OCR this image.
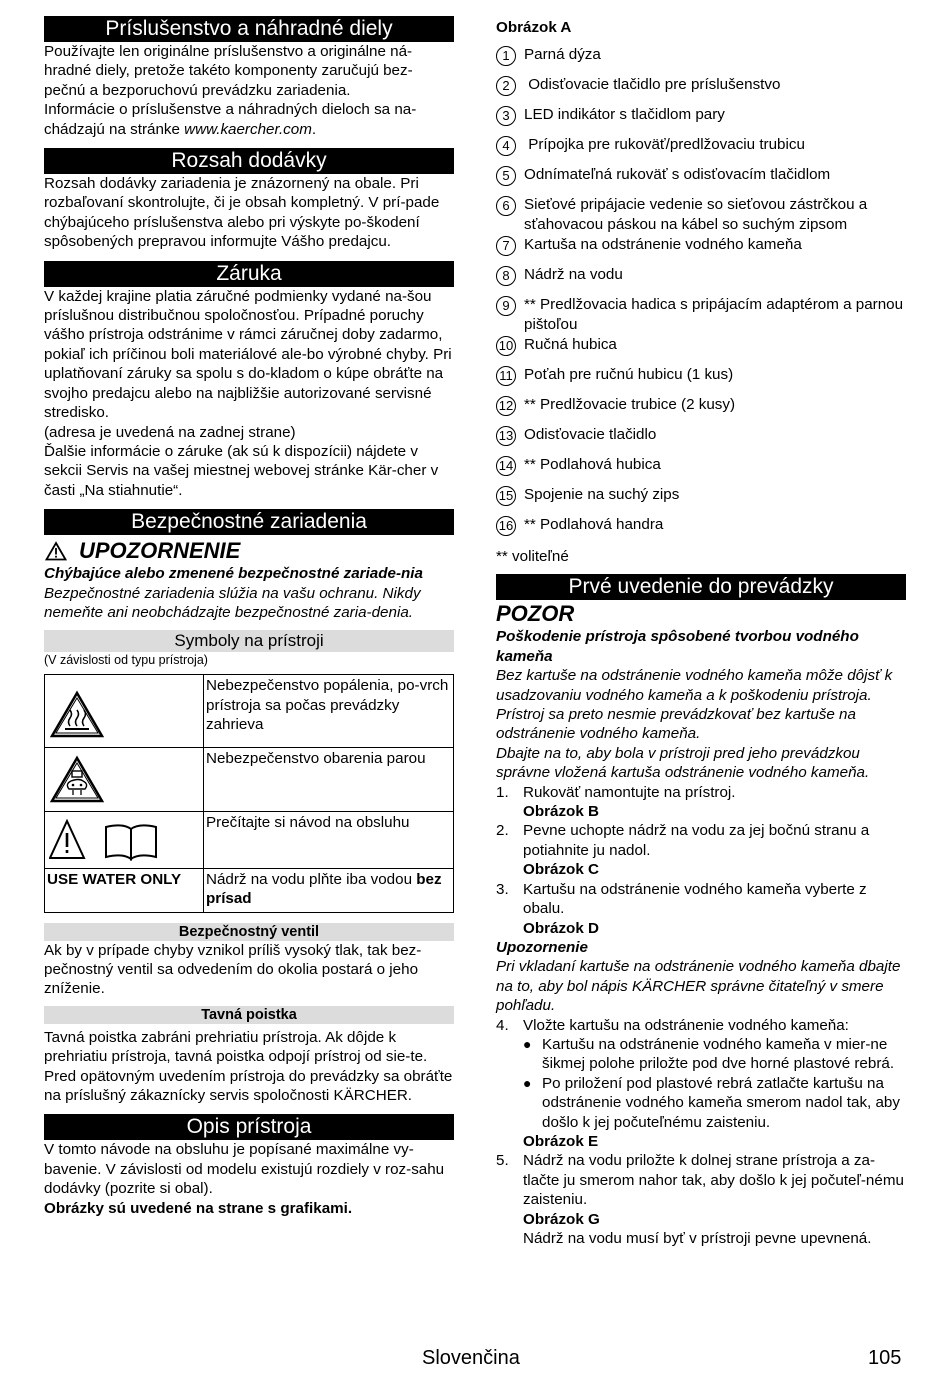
Príslušenstvo a náhradné diely

Používajte len originálne príslušenstvo a originálne ná-hradné diely, pretože takéto komponenty zaručujú bez-pečnú a bezporuchovú prevádzku zariadenia.
Informácie o príslušenstve a náhradných dieloch sa na-chádzajú na stránke www.kaercher.com.

Rozsah dodávky

Rozsah dodávky zariadenia je znázornený na obale. Pri rozbaľovaní skontrolujte, či je obsah kompletný. V prí-pade chýbajúceho príslušenstva alebo pri výskyte po-škodení spôsobených prepravou informujte Vášho predajcu.

Záruka

V každej krajine platia záručné podmienky vydané na-šou príslušnou distribučnou spoločnosťou. Prípadné poruchy vášho prístroja odstránime v rámci záručnej doby zadarmo, pokiaľ ich príčinou boli materiálové ale-bo výrobné chyby. Pri uplatňovaní záruky sa spolu s do-kladom o kúpe obráťte na svojho predajcu alebo na najbližšie autorizované servisné stredisko.

(adresa je uvedená na zadnej strane)

Ďalšie informácie o záruke (ak sú k dispozícii) nájdete v sekcii Servis na vašej miestnej webovej stránke Kär-cher v časti „Na stiahnutie“.

Bezpečnostné zariadenia
UPOZORNENIE

Chýbajúce alebo zmenené bezpečnostné zariade-nia

Bezpečnostné zariadenia slúžia na vašu ochranu. Nikdy nemeňte ani neobchádzajte bezpečnostné zaria-denia.

Symboly na prístroji

(V závislosti od typu prístroja)

	Nebezpečenstvo popálenia, po-vrch prístroja sa počas prevádzky zahrieva
	Nebezpečenstvo obarenia parou
	Prečítajte si návod na obsluhu
USE WATER ONLY	Nádrž na vodu plňte iba vodou bez prísad
Bezpečnostný ventil

Ak by v prípade chyby vznikol príliš vysoký tlak, tak bez-pečnostný ventil sa odvedením do okolia postará o jeho zníženie.

Tavná poistka

Tavná poistka zabráni prehriatiu prístroja. Ak dôjde k prehriatiu prístroja, tavná poistka odpojí prístroj od sie-te.

Pred opätovným uvedením prístroja do prevádzky sa obráťte na príslušný zákaznícky servis spoločnosti KÄRCHER.

Opis prístroja

V tomto návode na obsluhu je popísané maximálne vy-bavenie. V závislosti od modelu existujú rozdiely v roz-sahu dodávky (pozrite si obal).

Obrázky sú uvedené na strane s grafikami.

Obrázok A

1 Parná dýza
2 Odisťovacie tlačidlo pre príslušenstvo
3 LED indikátor s tlačidlom pary
4 Prípojka pre rukoväť/predlžovaciu trubicu
5 Odnímateľná rukoväť s odisťovacím tlačidlom
6 Sieťové pripájacie vedenie so sieťovou zástrčkou a sťahovacou páskou na kábel so suchým zipsom
7 Kartuša na odstránenie vodného kameňa
8 Nádrž na vodu
9 ** Predlžovacia hadica s pripájacím adaptérom a parnou pištoľou
10 Ručná hubica
11 Poťah pre ručnú hubicu (1 kus)
12 ** Predlžovacie trubice (2 kusy)
13 Odisťovacie tlačidlo
14 ** Podlahová hubica
15 Spojenie na suchý zips
16 ** Podlahová handra

** voliteľné

Prvé uvedenie do prevádzky
POZOR

Poškodenie prístroja spôsobené tvorbou vodného kameňa

Bez kartuše na odstránenie vodného kameňa môže dôjsť k usadzovaniu vodného kameňa a k poškodeniu prístroja. Prístroj sa preto nesmie prevádzkovať bez kartuše na odstránenie vodného kameňa.

Dbajte na to, aby bola v prístroji pred jeho prevádzkou správne vložená kartuša odstránenie vodného kameňa.

1. Rukoväť namontujte na prístroj.

Obrázok B

2. Pevne uchopte nádrž na vodu za jej bočnú stranu a potiahnite ju nadol.

Obrázok C

3. Kartušu na odstránenie vodného kameňa vyberte z obalu.

Obrázok D

Upozornenie

Pri vkladaní kartuše na odstránenie vodného kameňa dbajte na to, aby bol nápis KÄRCHER správne čitateľný v smere pohľadu.

4. Vložte kartušu na odstránenie vodného kameňa:
● Kartušu na odstránenie vodného kameňa v mier-ne šikmej polohe priložte pod dve horné plastové rebrá.
● Po priložení pod plastové rebrá zatlačte kartušu na odstránenie vodného kameňa smerom nadol tak, aby došlo k jej počuteľnému zaisteniu.

Obrázok E

5. Nádrž na vodu priložte k dolnej strane prístroja a za-tlačte ju smerom nahor tak, aby došlo k jej počuteľ-nému zaisteniu.

Obrázok G

Nádrž na vodu musí byť v prístroji pevne upevnená.

Slovenčina	105
